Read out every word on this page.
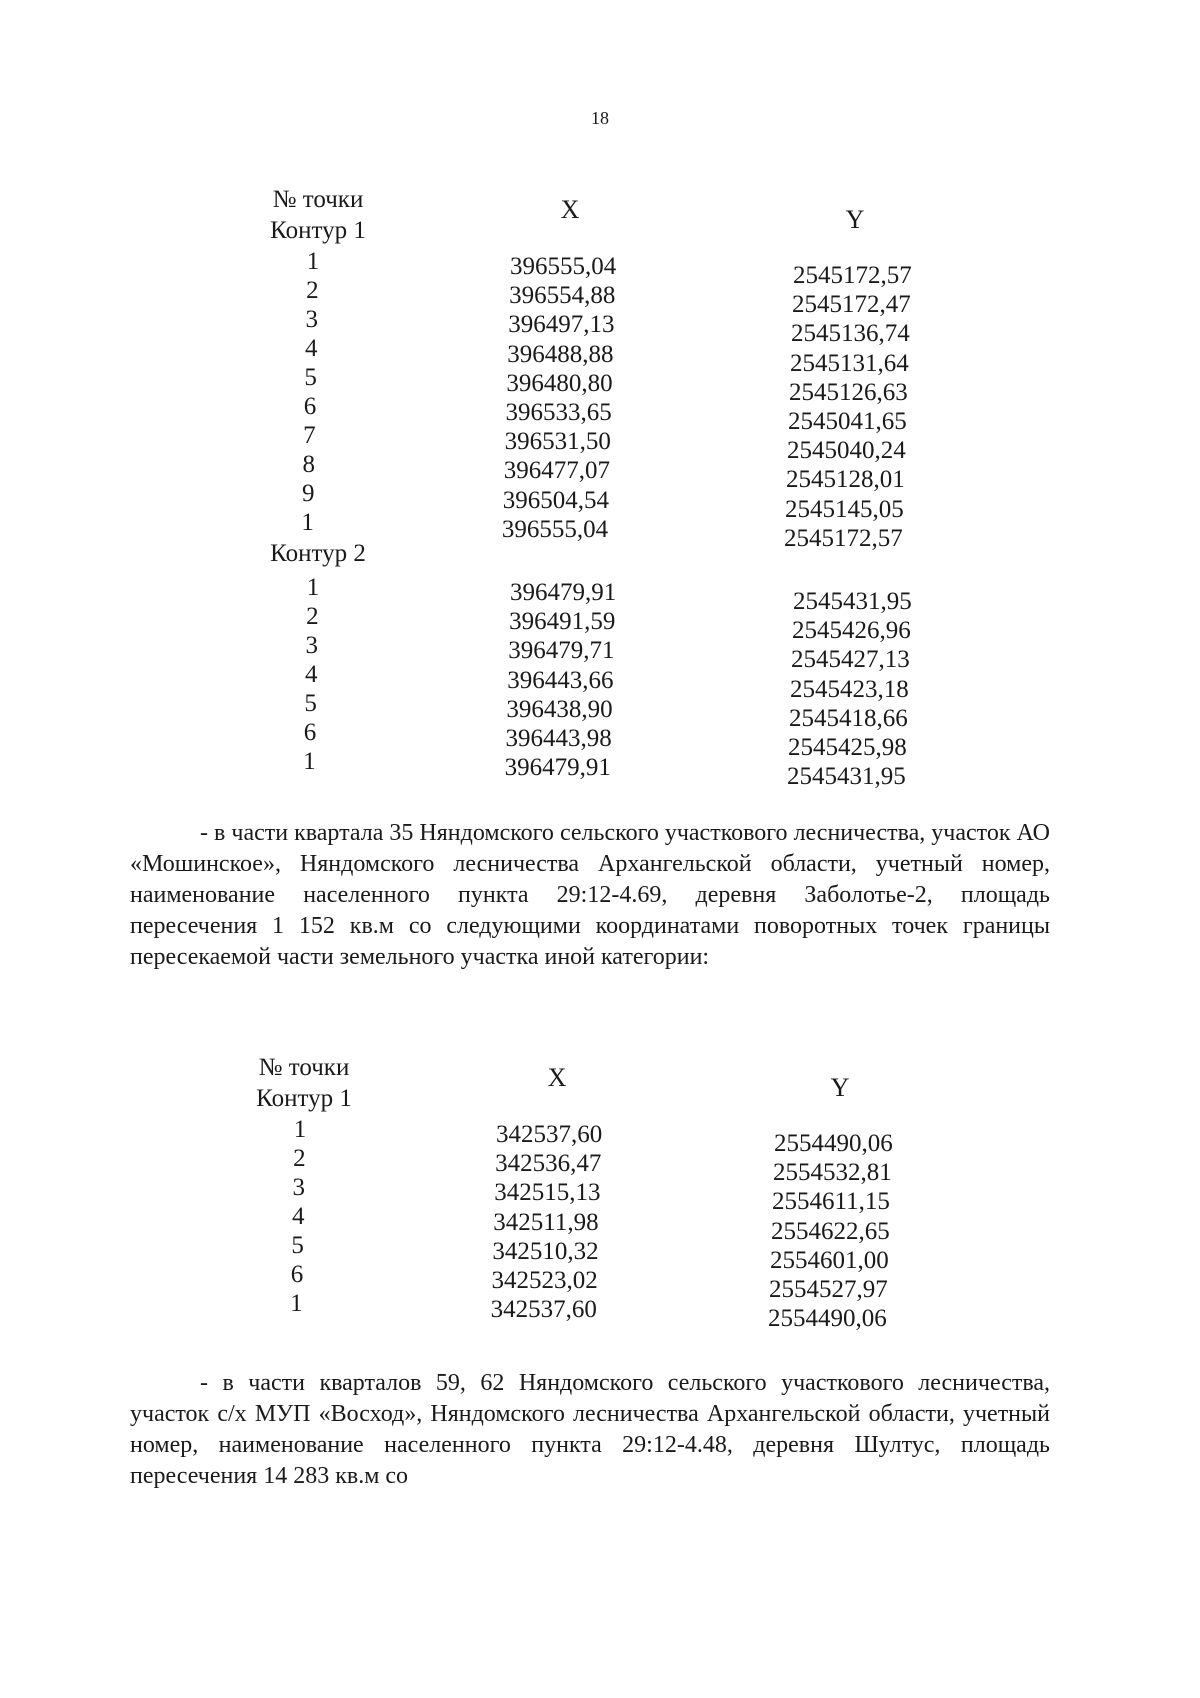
18
№ точки	X	Y
Контур 1
1	396555,04	2545172,57
2	396554,88	2545172,47
3	396497,13	2545136,74
4	396488,88	2545131,64
5	396480,80	2545126,63
6	396533,65	2545041,65
7	396531,50	2545040,24
8	396477,07	2545128,01
9	396504,54	2545145,05
1	396555,04	2545172,57
Контур 2
1	396479,91	2545431,95
2	396491,59	2545426,96
3	396479,71	2545427,13
4	396443,66	2545423,18
5	396438,90	2545418,66
6	396443,98	2545425,98
1	396479,91	2545431,95
- в части квартала 35 Няндомского сельского участкового лесничества, участок АО «Мошинское», Няндомского лесничества Архангельской области, учетный номер, наименование населенного пункта 29:12-4.69, деревня Заболотье-2, площадь пересечения 1 152 кв.м со следующими координатами поворотных точек границы пересекаемой части земельного участка иной категории:
№ точки	X	Y
Контур 1
1	342537,60	2554490,06
2	342536,47	2554532,81
3	342515,13	2554611,15
4	342511,98	2554622,65
5	342510,32	2554601,00
6	342523,02	2554527,97
1	342537,60	2554490,06
- в части кварталов 59, 62 Няндомского сельского участкового лесничества, участок с/х МУП «Восход», Няндомского лесничества Архангельской области, учетный номер, наименование населенного пункта 29:12-4.48, деревня Шултус, площадь пересечения 14 283 кв.м со
